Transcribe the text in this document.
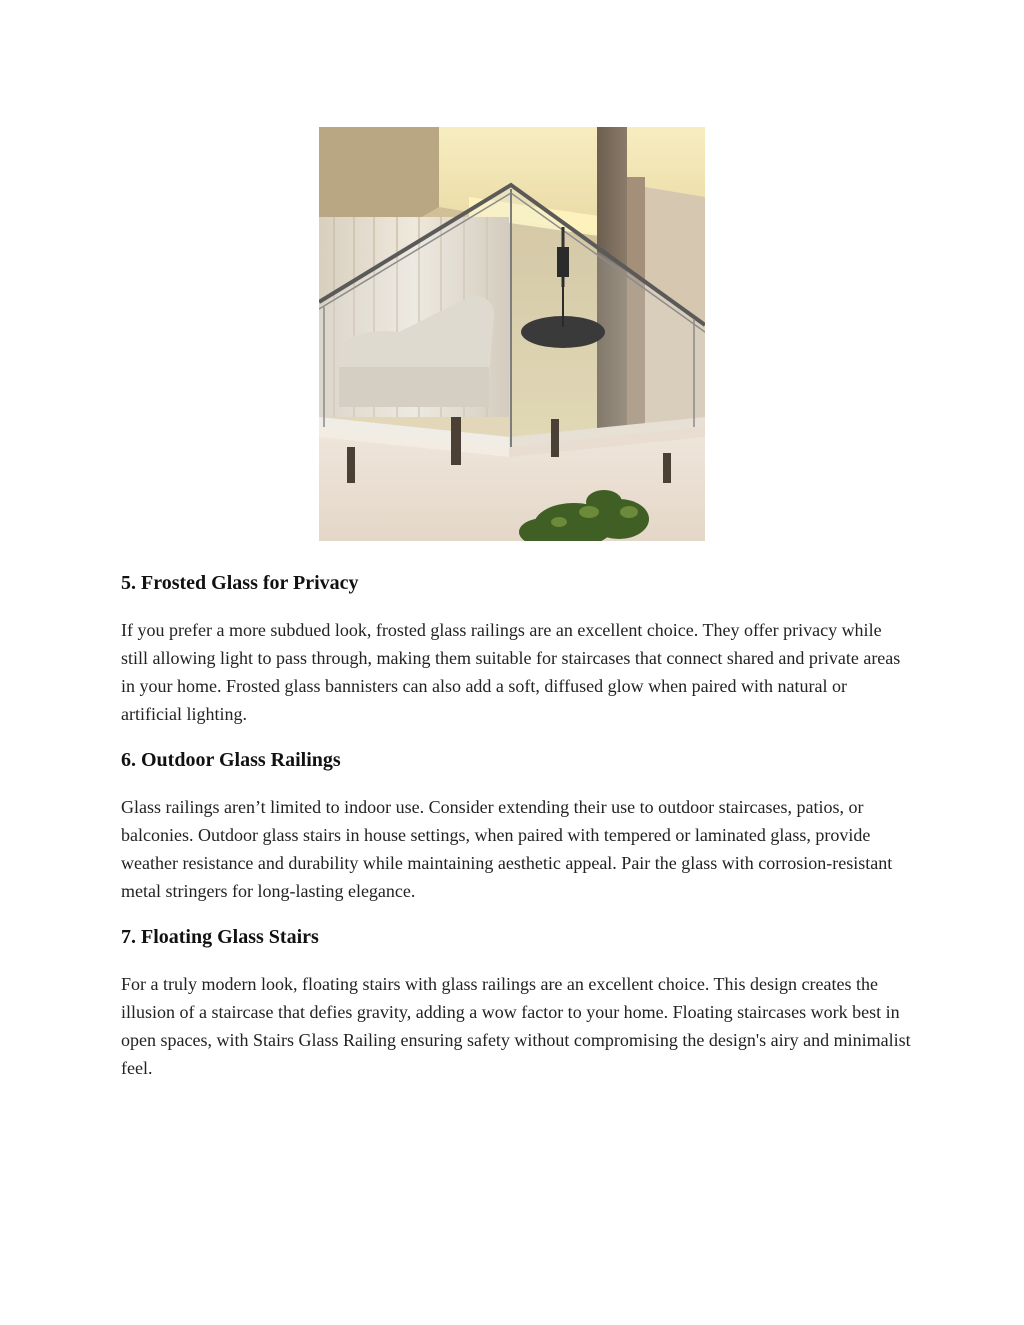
5. Frosted Glass for Privacy

If you prefer a more subdued look, frosted glass railings are an excellent choice. They offer privacy while still allowing light to pass through, making them suitable for staircases that connect shared and private areas in your home. Frosted glass bannisters can also add a soft, diffused glow when paired with natural or artificial lighting.

6. Outdoor Glass Railings

Glass railings aren’t limited to indoor use. Consider extending their use to outdoor staircases, patios, or balconies. Outdoor glass stairs in house settings, when paired with tempered or laminated glass, provide weather resistance and durability while maintaining aesthetic appeal. Pair the glass with corrosion-resistant metal stringers for long-lasting elegance.

7. Floating Glass Stairs

For a truly modern look, floating stairs with glass railings are an excellent choice. This design creates the illusion of a staircase that defies gravity, adding a wow factor to your home. Floating staircases work best in open spaces, with Stairs Glass Railing ensuring safety without compromising the design's airy and minimalist feel.
